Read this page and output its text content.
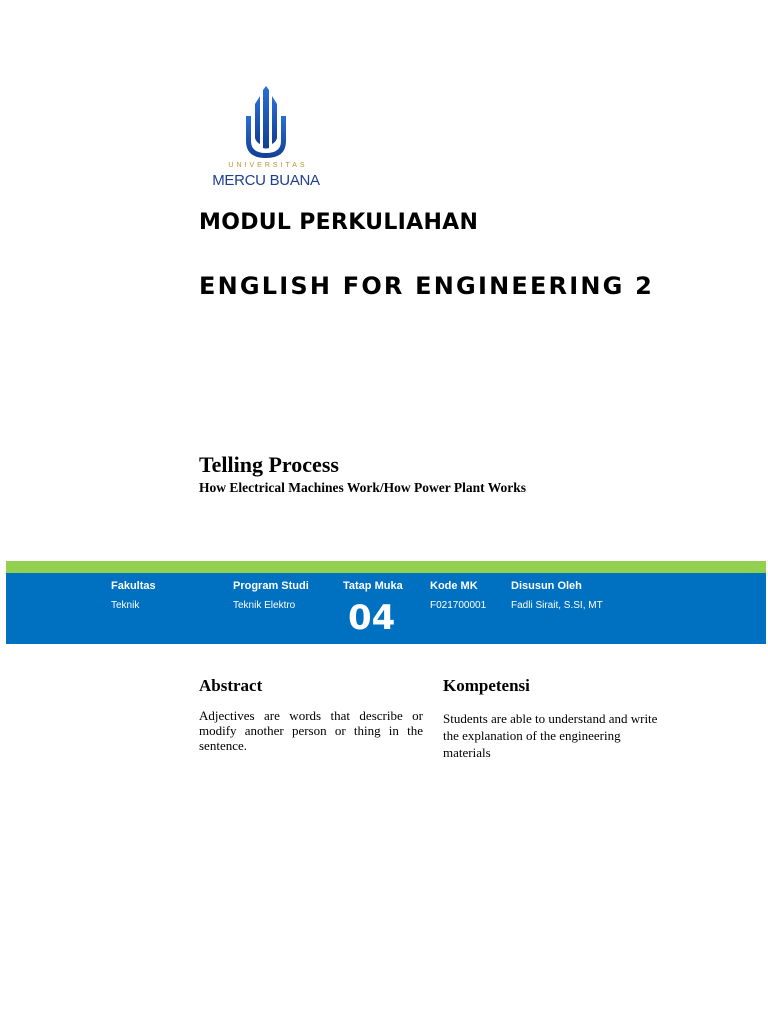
UNIVERSITAS
MERCU BUANA
MODUL PERKULIAHAN
ENGLISH FOR ENGINEERING 2
Telling Process

How Electrical Machines Work/How Power Plant Works

Fakultas
Teknik
Program Studi
Teknik Elektro
Tatap Muka
04
Kode MK
F021700001
Disusun Oleh
Fadli Sirait, S.SI, MT
Abstract

Adjectives are words that describe or modify another person or thing in the sentence.

Kompetensi

Students are able to understand and write the explanation of the engineering materials
